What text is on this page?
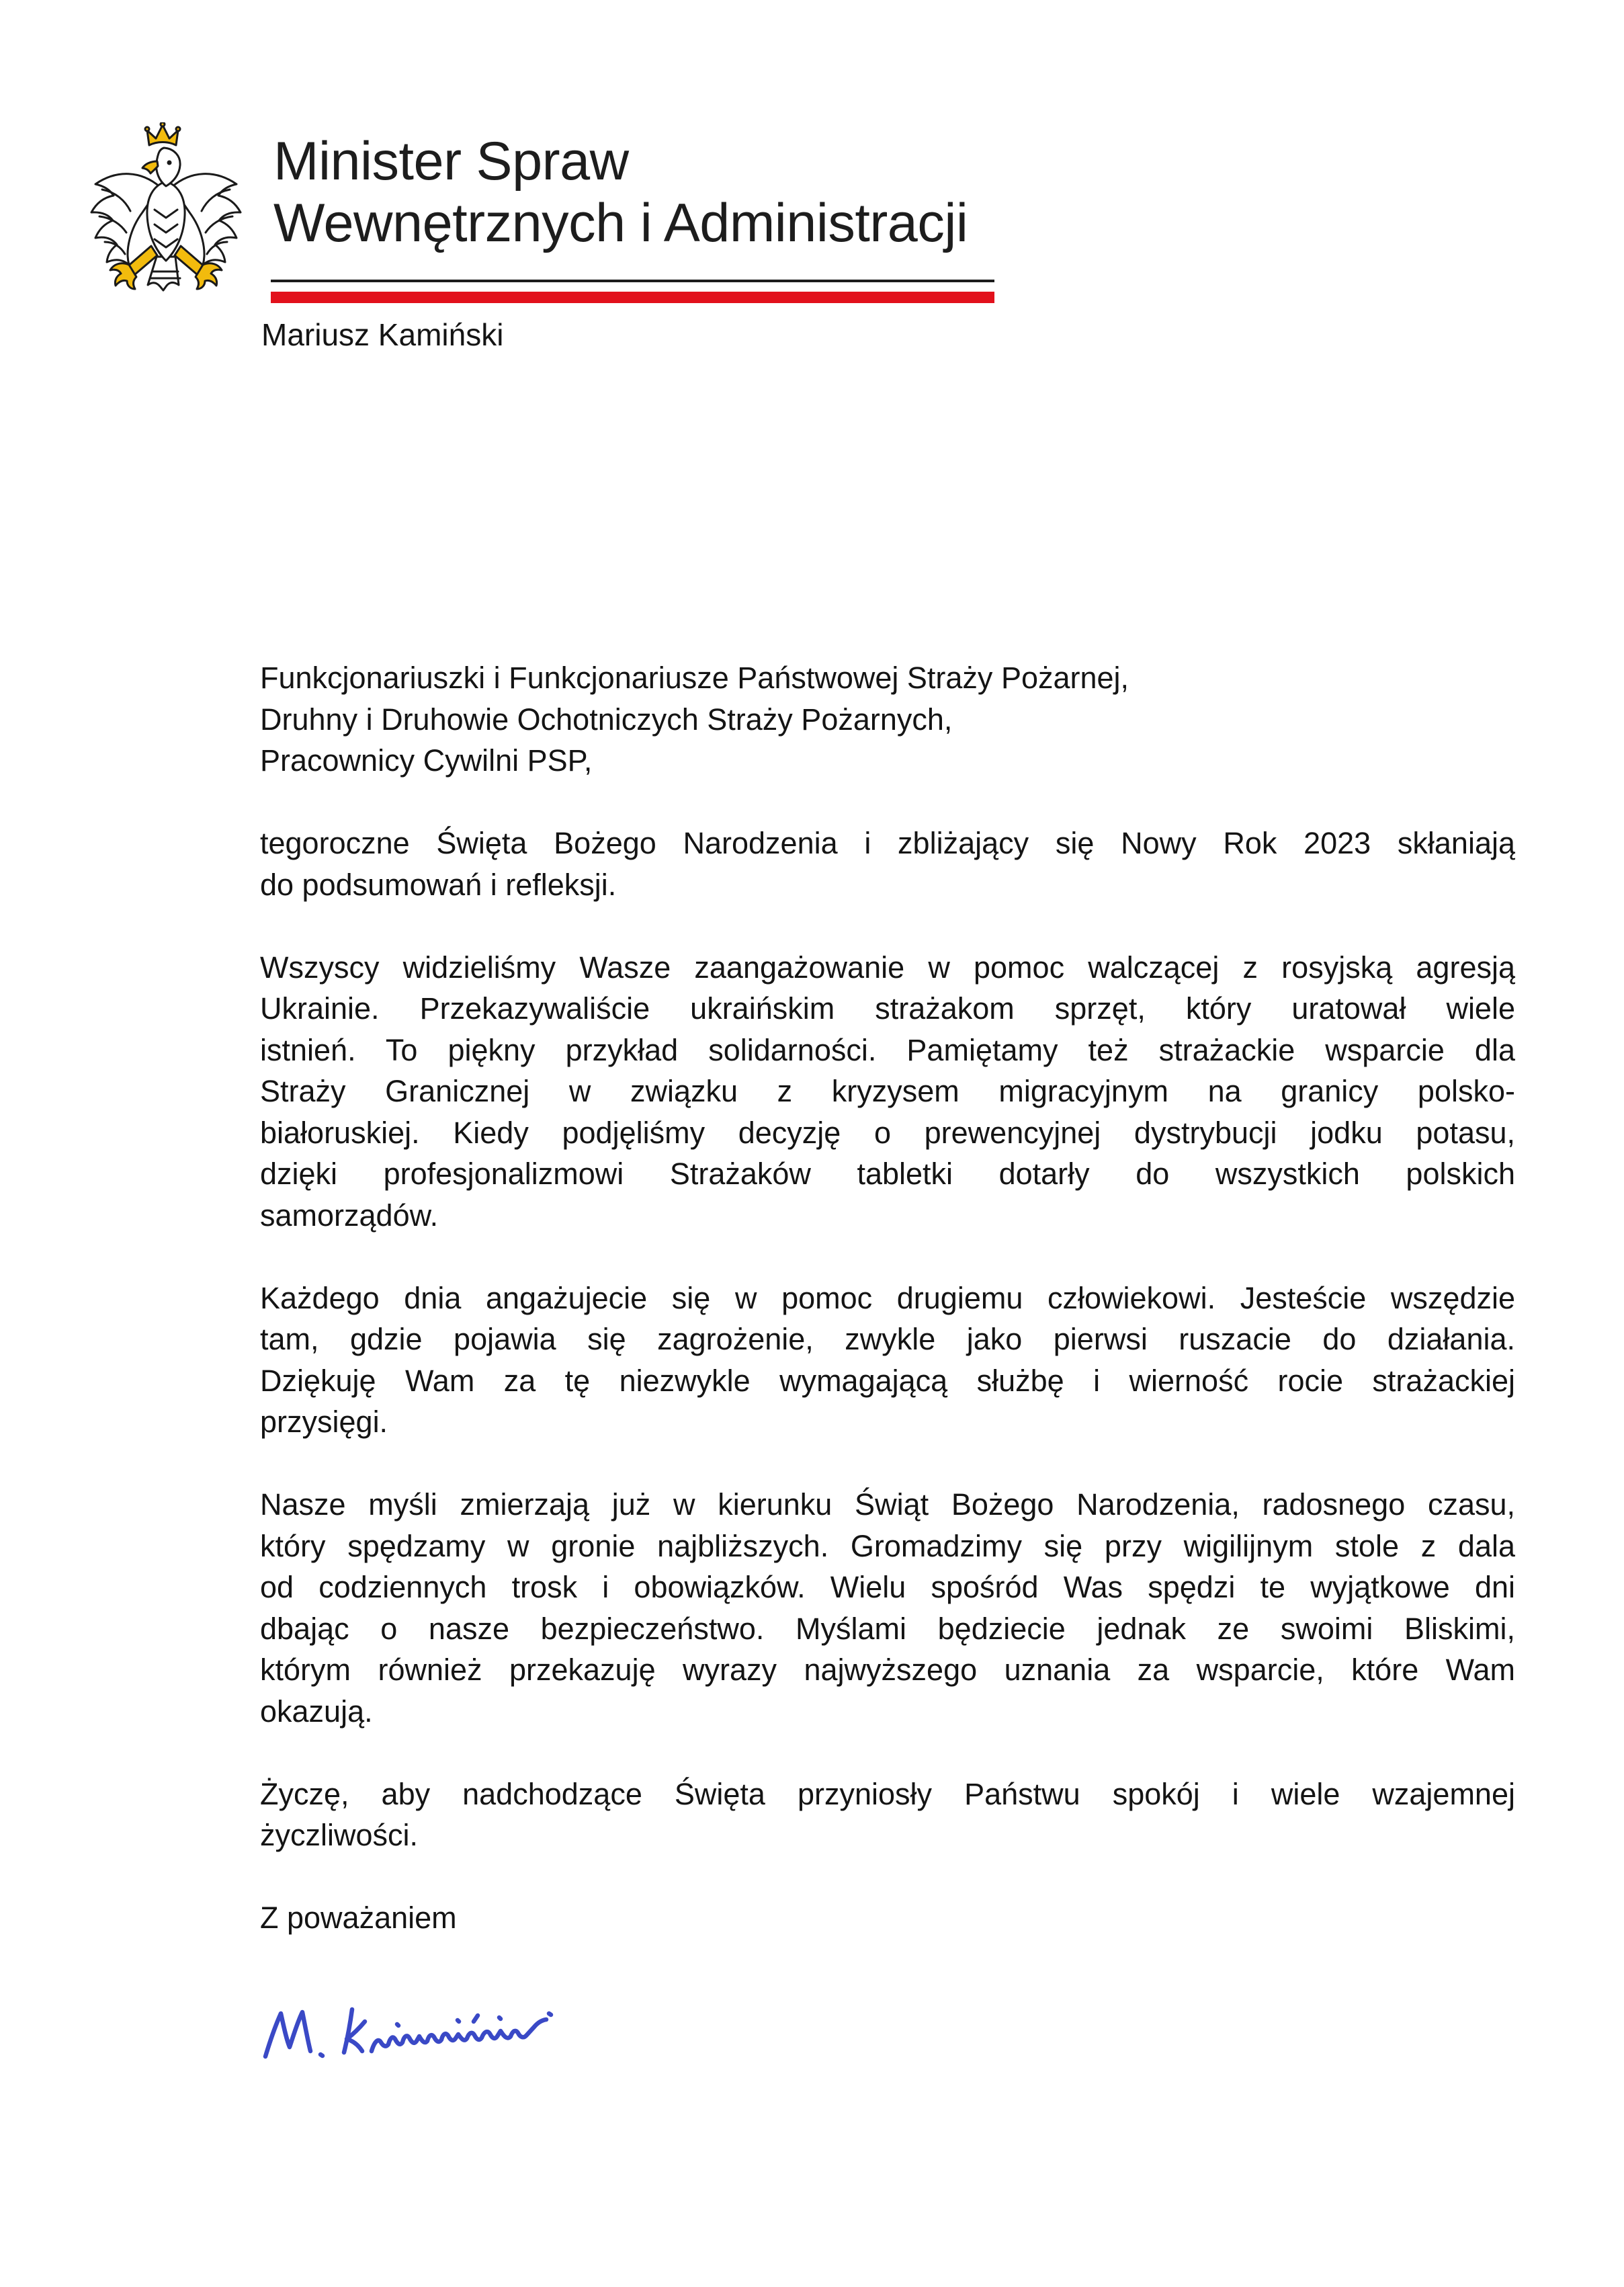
Minister Spraw
Wewnętrznych i Administracji
Mariusz Kamiński
Funkcjonariuszki i Funkcjonariusze Państwowej Straży Pożarnej,
Druhny i Druhowie Ochotniczych Straży Pożarnych,
Pracownicy Cywilni PSP,
tegoroczne Święta Bożego Narodzenia i zbliżający się Nowy Rok 2023 skłaniają
do podsumowań i refleksji.
Wszyscy widzieliśmy Wasze zaangażowanie w pomoc walczącej z rosyjską agresją
Ukrainie. Przekazywaliście ukraińskim strażakom sprzęt, który uratował wiele
istnień. To piękny przykład solidarności. Pamiętamy też strażackie wsparcie dla
Straży Granicznej w związku z kryzysem migracyjnym na granicy polsko-
białoruskiej. Kiedy podjęliśmy decyzję o prewencyjnej dystrybucji jodku potasu,
dzięki profesjonalizmowi Strażaków tabletki dotarły do wszystkich polskich
samorządów.
Każdego dnia angażujecie się w pomoc drugiemu człowiekowi. Jesteście wszędzie
tam, gdzie pojawia się zagrożenie, zwykle jako pierwsi ruszacie do działania.
Dziękuję Wam za tę niezwykle wymagającą służbę i wierność rocie strażackiej
przysięgi.
Nasze myśli zmierzają już w kierunku Świąt Bożego Narodzenia, radosnego czasu,
który spędzamy w gronie najbliższych. Gromadzimy się przy wigilijnym stole z dala
od codziennych trosk i obowiązków. Wielu spośród Was spędzi te wyjątkowe dni
dbając o nasze bezpieczeństwo. Myślami będziecie jednak ze swoimi Bliskimi,
którym również przekazuję wyrazy najwyższego uznania za wsparcie, które Wam
okazują.
Życzę, aby nadchodzące Święta przyniosły Państwu spokój i wiele wzajemnej
życzliwości.
Z poważaniem
